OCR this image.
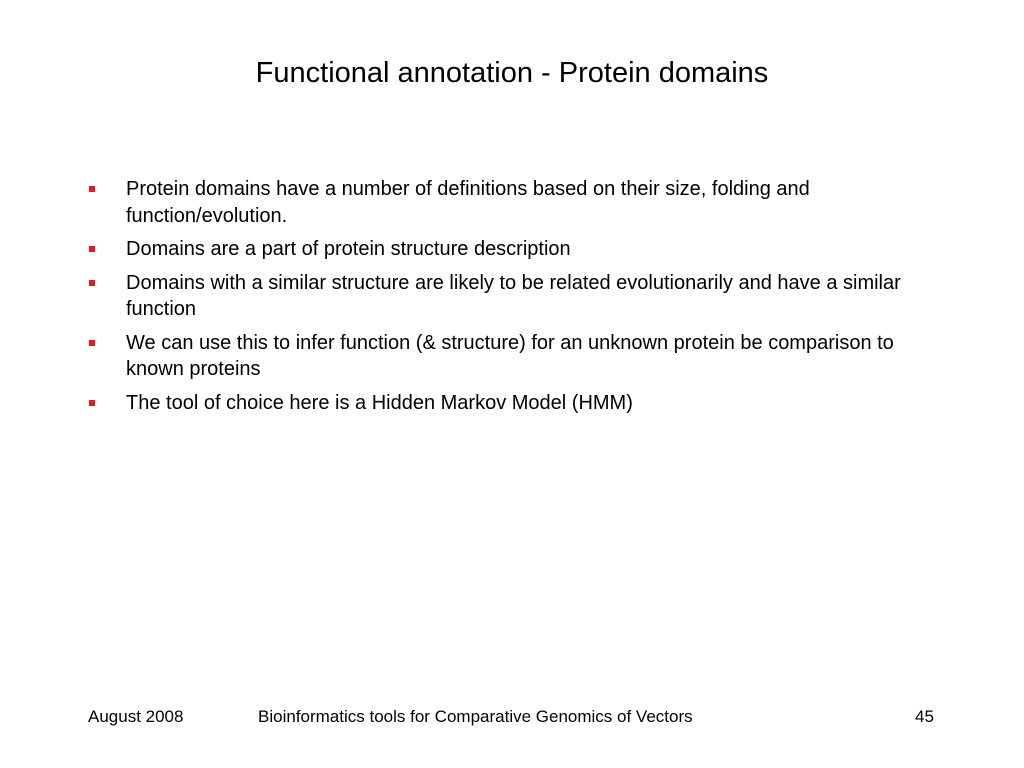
Functional annotation - Protein domains
Protein domains have a number of definitions based on their size, folding and function/evolution.
Domains are a part of protein structure description
Domains with a similar structure are likely to be related evolutionarily and have a similar function
We can use this to infer function (& structure) for an unknown protein be comparison to known proteins
The tool of choice here is a Hidden Markov Model (HMM)
August 2008	Bioinformatics tools for Comparative Genomics of Vectors	45
